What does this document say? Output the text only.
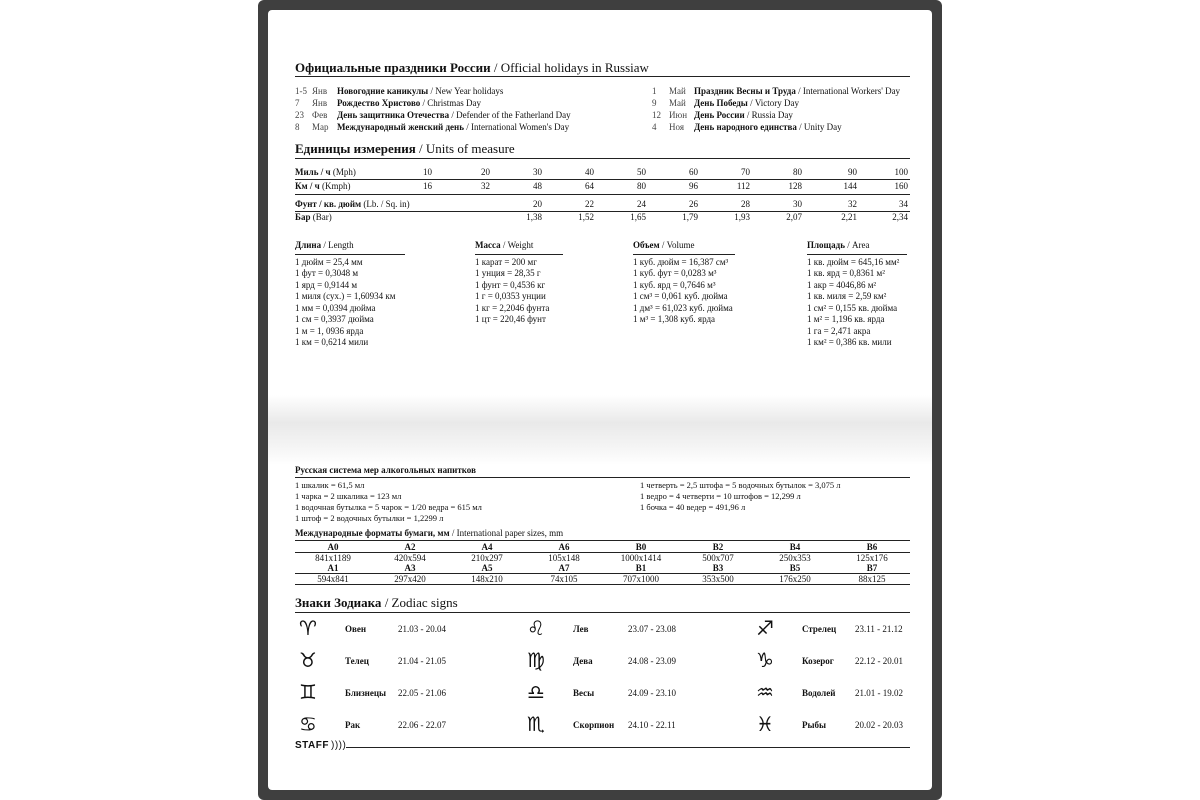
Официальные праздники России / Official holidays in Russiaw
1-5 Янв Новогодние каникулы / New Year holidays
7 Янв Рождество Христово / Christmas Day
23 Фев День защитника Отечества / Defender of the Fatherland Day
8 Мар Международный женский день / International Women's Day
1 Май Праздник Весны и Труда / International Workers' Day
9 Май День Победы / Victory Day
12 Июн День России / Russia Day
4 Ноя День народного единства / Unity Day
Единицы измерения / Units of measure
Миль / ч (Mph)	10	20	30	40	50	60	70	80	90	100
Км / ч (Kmph)	16	32	48	64	80	96	112	128	144	160
Фунт / кв. дюйм (Lb. / Sq. in)	20	22	24	26	28	30	32	34
Бар (Bar)	1,38	1,52	1,65	1,79	1,93	2,07	2,21	2,34
Длина / Length
1 дюйм = 25,4 мм
1 фут = 0,3048 м
1 ярд = 0,9144 м
1 миля (сух.) = 1,60934 км
1 мм = 0,0394 дюйма
1 см = 0,3937 дюйма
1 м = 1, 0936 ярда
1 км = 0,6214 мили
Масса / Weight
1 карат = 200 мг
1 унция = 28,35 г
1 фунт = 0,4536 кг
1 г = 0,0353 унции
1 кг = 2,2046 фунта
1 цт = 220,46 фунт
Объем / Volume
1 куб. дюйм = 16,387 см³
1 куб. фут = 0,0283 м³
1 куб. ярд = 0,7646 м³
1 см³ = 0,061 куб. дюйма
1 дм³ = 61,023 куб. дюйма
1 м³ = 1,308 куб. ярда
Площадь / Area
1 кв. дюйм = 645,16 мм²
1 кв. ярд = 0,8361 м²
1 акр = 4046,86 м²
1 кв. миля = 2,59 км²
1 см² = 0,155 кв. дюйма
1 м² = 1,196 кв. ярда
1 га = 2,471 акра
1 км² = 0,386 кв. мили
Русская система мер алкогольных напитков
1 шкалик = 61,5 мл
1 чарка = 2 шкалика = 123 мл
1 водочная бутылка = 5 чарок = 1/20 ведра = 615 мл
1 штоф = 2 водочных бутылки = 1,2299 л
1 четверть = 2,5 штофа = 5 водочных бутылок = 3,075 л
1 ведро = 4 четверти = 10 штофов = 12,299 л
1 бочка = 40 ведер = 491,96 л
Международные форматы бумаги, мм / International paper sizes, mm
A0	A2	A4	A6	B0	B2	B4	B6
841x1189	420x594	210x297	105x148	1000x1414	500x707	250x353	125x176
A1	A3	A5	A7	B1	B3	B5	B7
594x841	297x420	148x210	74x105	707x1000	353x500	176x250	88x125
Знаки Зодиака / Zodiac signs
♈	Овен	21.03 - 20.04
♉	Телец	21.04 - 21.05
♊	Близнецы 22.05 - 21.06
♋	Рак	22.06 - 22.07
♌	Лев	23.07 - 23.08
♍	Дева	24.08 - 23.09
♎	Весы	24.09 - 23.10
♏	Скорпион 24.10 - 22.11
♐	Стрелец 23.11 - 21.12
♑	Козерог 22.12 - 20.01
♒	Водолей 21.01 - 19.02
♓	Рыбы	20.02 - 20.03
STAFF ))))
